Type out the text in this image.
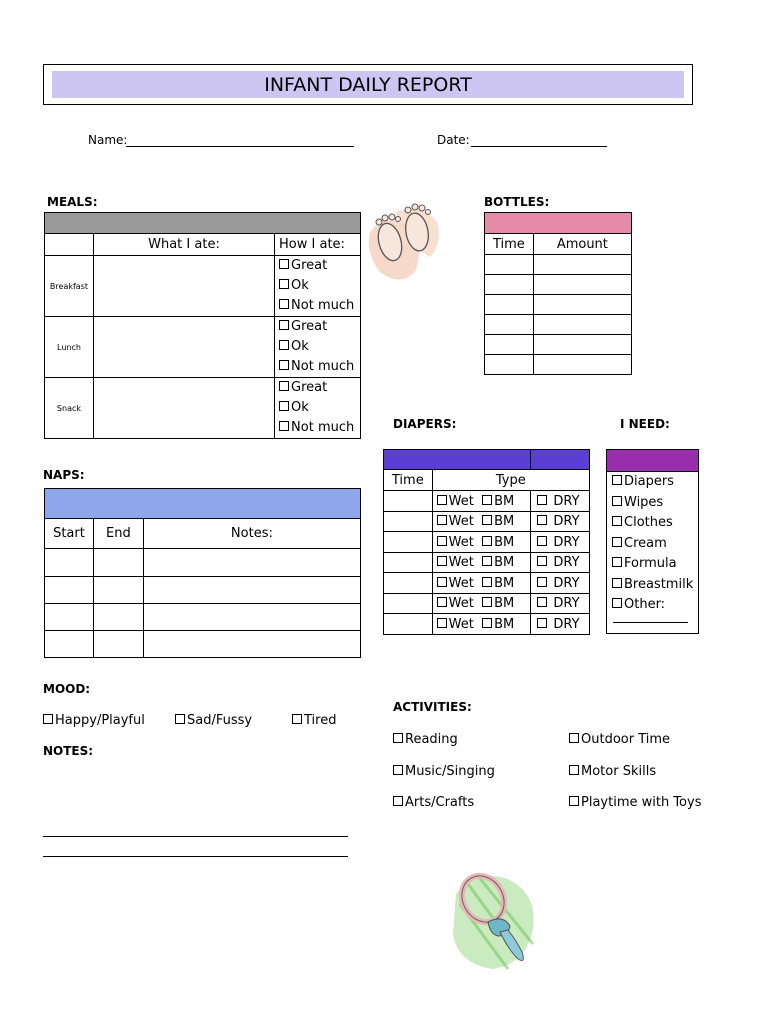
INFANT DAILY REPORT
Name:	Date:
MEALS:

	What I ate:	How I ate:
Breakfast		Great
Ok
Not much

Lunch		Great
Ok
Not much

Snack		Great
Ok
Not much
BOTTLES:

Time	Amount

NAPS:

Start	End	Notes:

DIAPERS:

Time	Type	
	Wet BM	DRY
	Wet BM	DRY
	Wet BM	DRY
	Wet BM	DRY
	Wet BM	DRY
	Wet BM	DRY
	Wet BM	DRY
I NEED:
Diapers
Wipes
Clothes
Cream
Formula
Breastmilk
Other:
MOOD:
Happy/Playful	Sad/Fussy	Tired
NOTES:
ACTIVITIES:
Reading	Outdoor Time
Music/Singing	Motor Skills
Arts/Crafts	Playtime with Toys
